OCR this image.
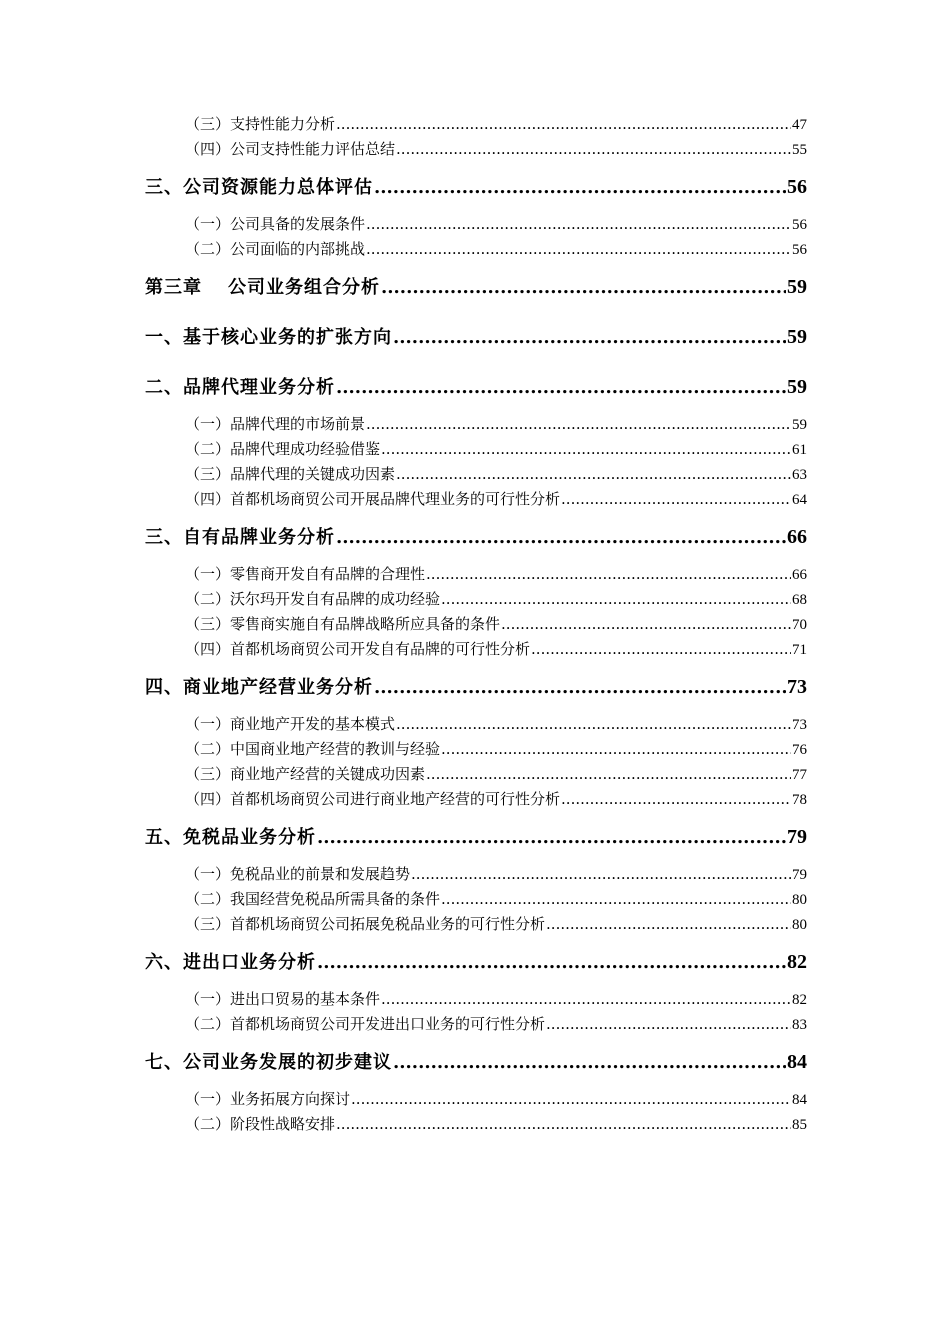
（三）支持性能力分析 .....	47
（四）公司支持性能力评估总结 .....	55
三、公司资源能力总体评估 .....	56
（一）公司具备的发展条件 .....	56
（二）公司面临的内部挑战 .....	56
第三章 公司业务组合分析 .....	59
一、基于核心业务的扩张方向 .....	59
二、品牌代理业务分析 .....	59
（一）品牌代理的市场前景 .....	59
（二）品牌代理成功经验借鉴 .....	61
（三）品牌代理的关键成功因素 .....	63
（四）首都机场商贸公司开展品牌代理业务的可行性分析 .....	64
三、自有品牌业务分析 .....	66
（一）零售商开发自有品牌的合理性 .....	66
（二）沃尔玛开发自有品牌的成功经验 .....	68
（三）零售商实施自有品牌战略所应具备的条件 .....	70
（四）首都机场商贸公司开发自有品牌的可行性分析 .....	71
四、商业地产经营业务分析 .....	73
（一）商业地产开发的基本模式 .....	73
（二）中国商业地产经营的教训与经验 .....	76
（三）商业地产经营的关键成功因素 .....	77
（四）首都机场商贸公司进行商业地产经营的可行性分析 .....	78
五、免税品业务分析 .....	79
（一）免税品业的前景和发展趋势 .....	79
（二）我国经营免税品所需具备的条件 .....	80
（三）首都机场商贸公司拓展免税品业务的可行性分析 .....	80
六、进出口业务分析 .....	82
（一）进出口贸易的基本条件 .....	82
（二）首都机场商贸公司开发进出口业务的可行性分析 .....	83
七、公司业务发展的初步建议 .....	84
（一）业务拓展方向探讨 .....	84
（二）阶段性战略安排 .....	85
